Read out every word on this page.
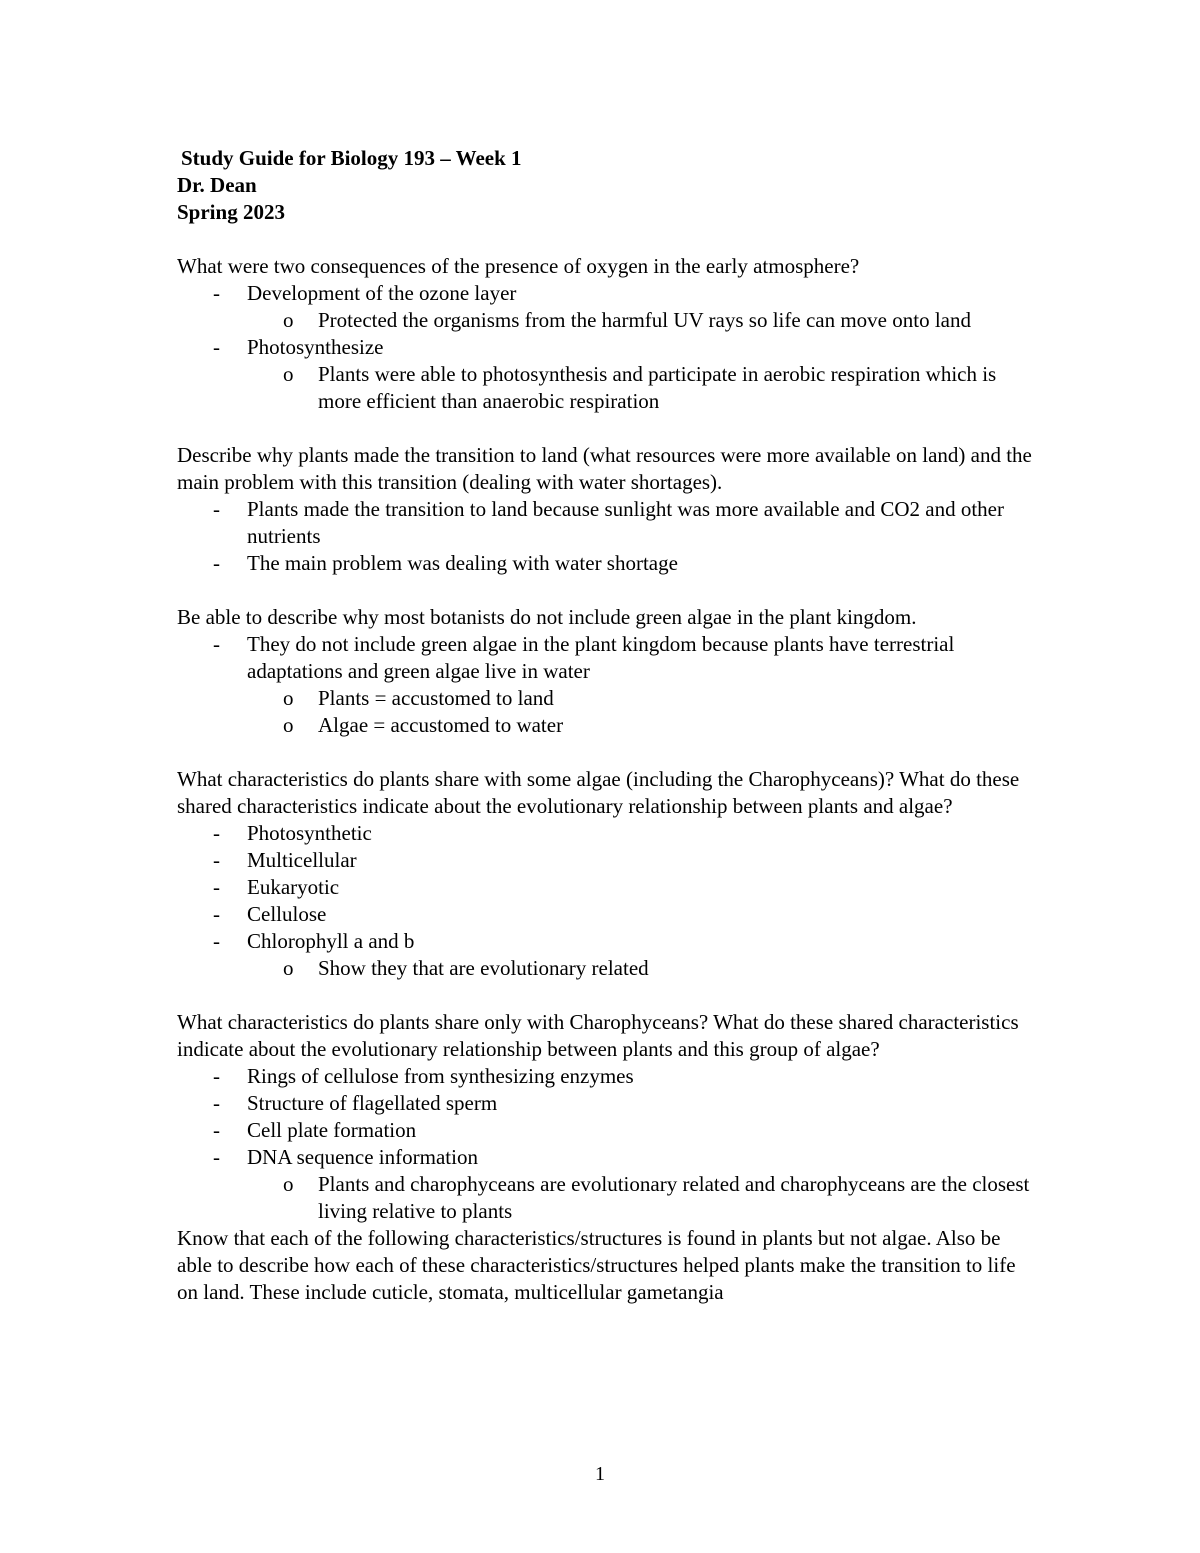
Study Guide for Biology 193 – Week 1
Dr. Dean
Spring 2023

What were two consequences of the presence of oxygen in the early atmosphere?

- Development of the ozone layer
o Protected the organisms from the harmful UV rays so life can move onto land
- Photosynthesize
o Plants were able to photosynthesis and participate in aerobic respiration which is more efficient than anaerobic respiration

Describe why plants made the transition to land (what resources were more available on land) and the main problem with this transition (dealing with water shortages).

- Plants made the transition to land because sunlight was more available and CO2 and other nutrients
- The main problem was dealing with water shortage

Be able to describe why most botanists do not include green algae in the plant kingdom.

- They do not include green algae in the plant kingdom because plants have terrestrial adaptations and green algae live in water
o Plants = accustomed to land
o Algae = accustomed to water

What characteristics do plants share with some algae (including the Charophyceans)? What do these shared characteristics indicate about the evolutionary relationship between plants and algae?

- Photosynthetic
- Multicellular
- Eukaryotic
- Cellulose
- Chlorophyll a and b
o Show they that are evolutionary related

What characteristics do plants share only with Charophyceans? What do these shared characteristics indicate about the evolutionary relationship between plants and this group of algae?

- Rings of cellulose from synthesizing enzymes
- Structure of flagellated sperm
- Cell plate formation
- DNA sequence information
o Plants and charophyceans are evolutionary related and charophyceans are the closest living relative to plants

Know that each of the following characteristics/structures is found in plants but not algae. Also be able to describe how each of these characteristics/structures helped plants make the transition to life on land. These include cuticle, stomata, multicellular gametangia

1
